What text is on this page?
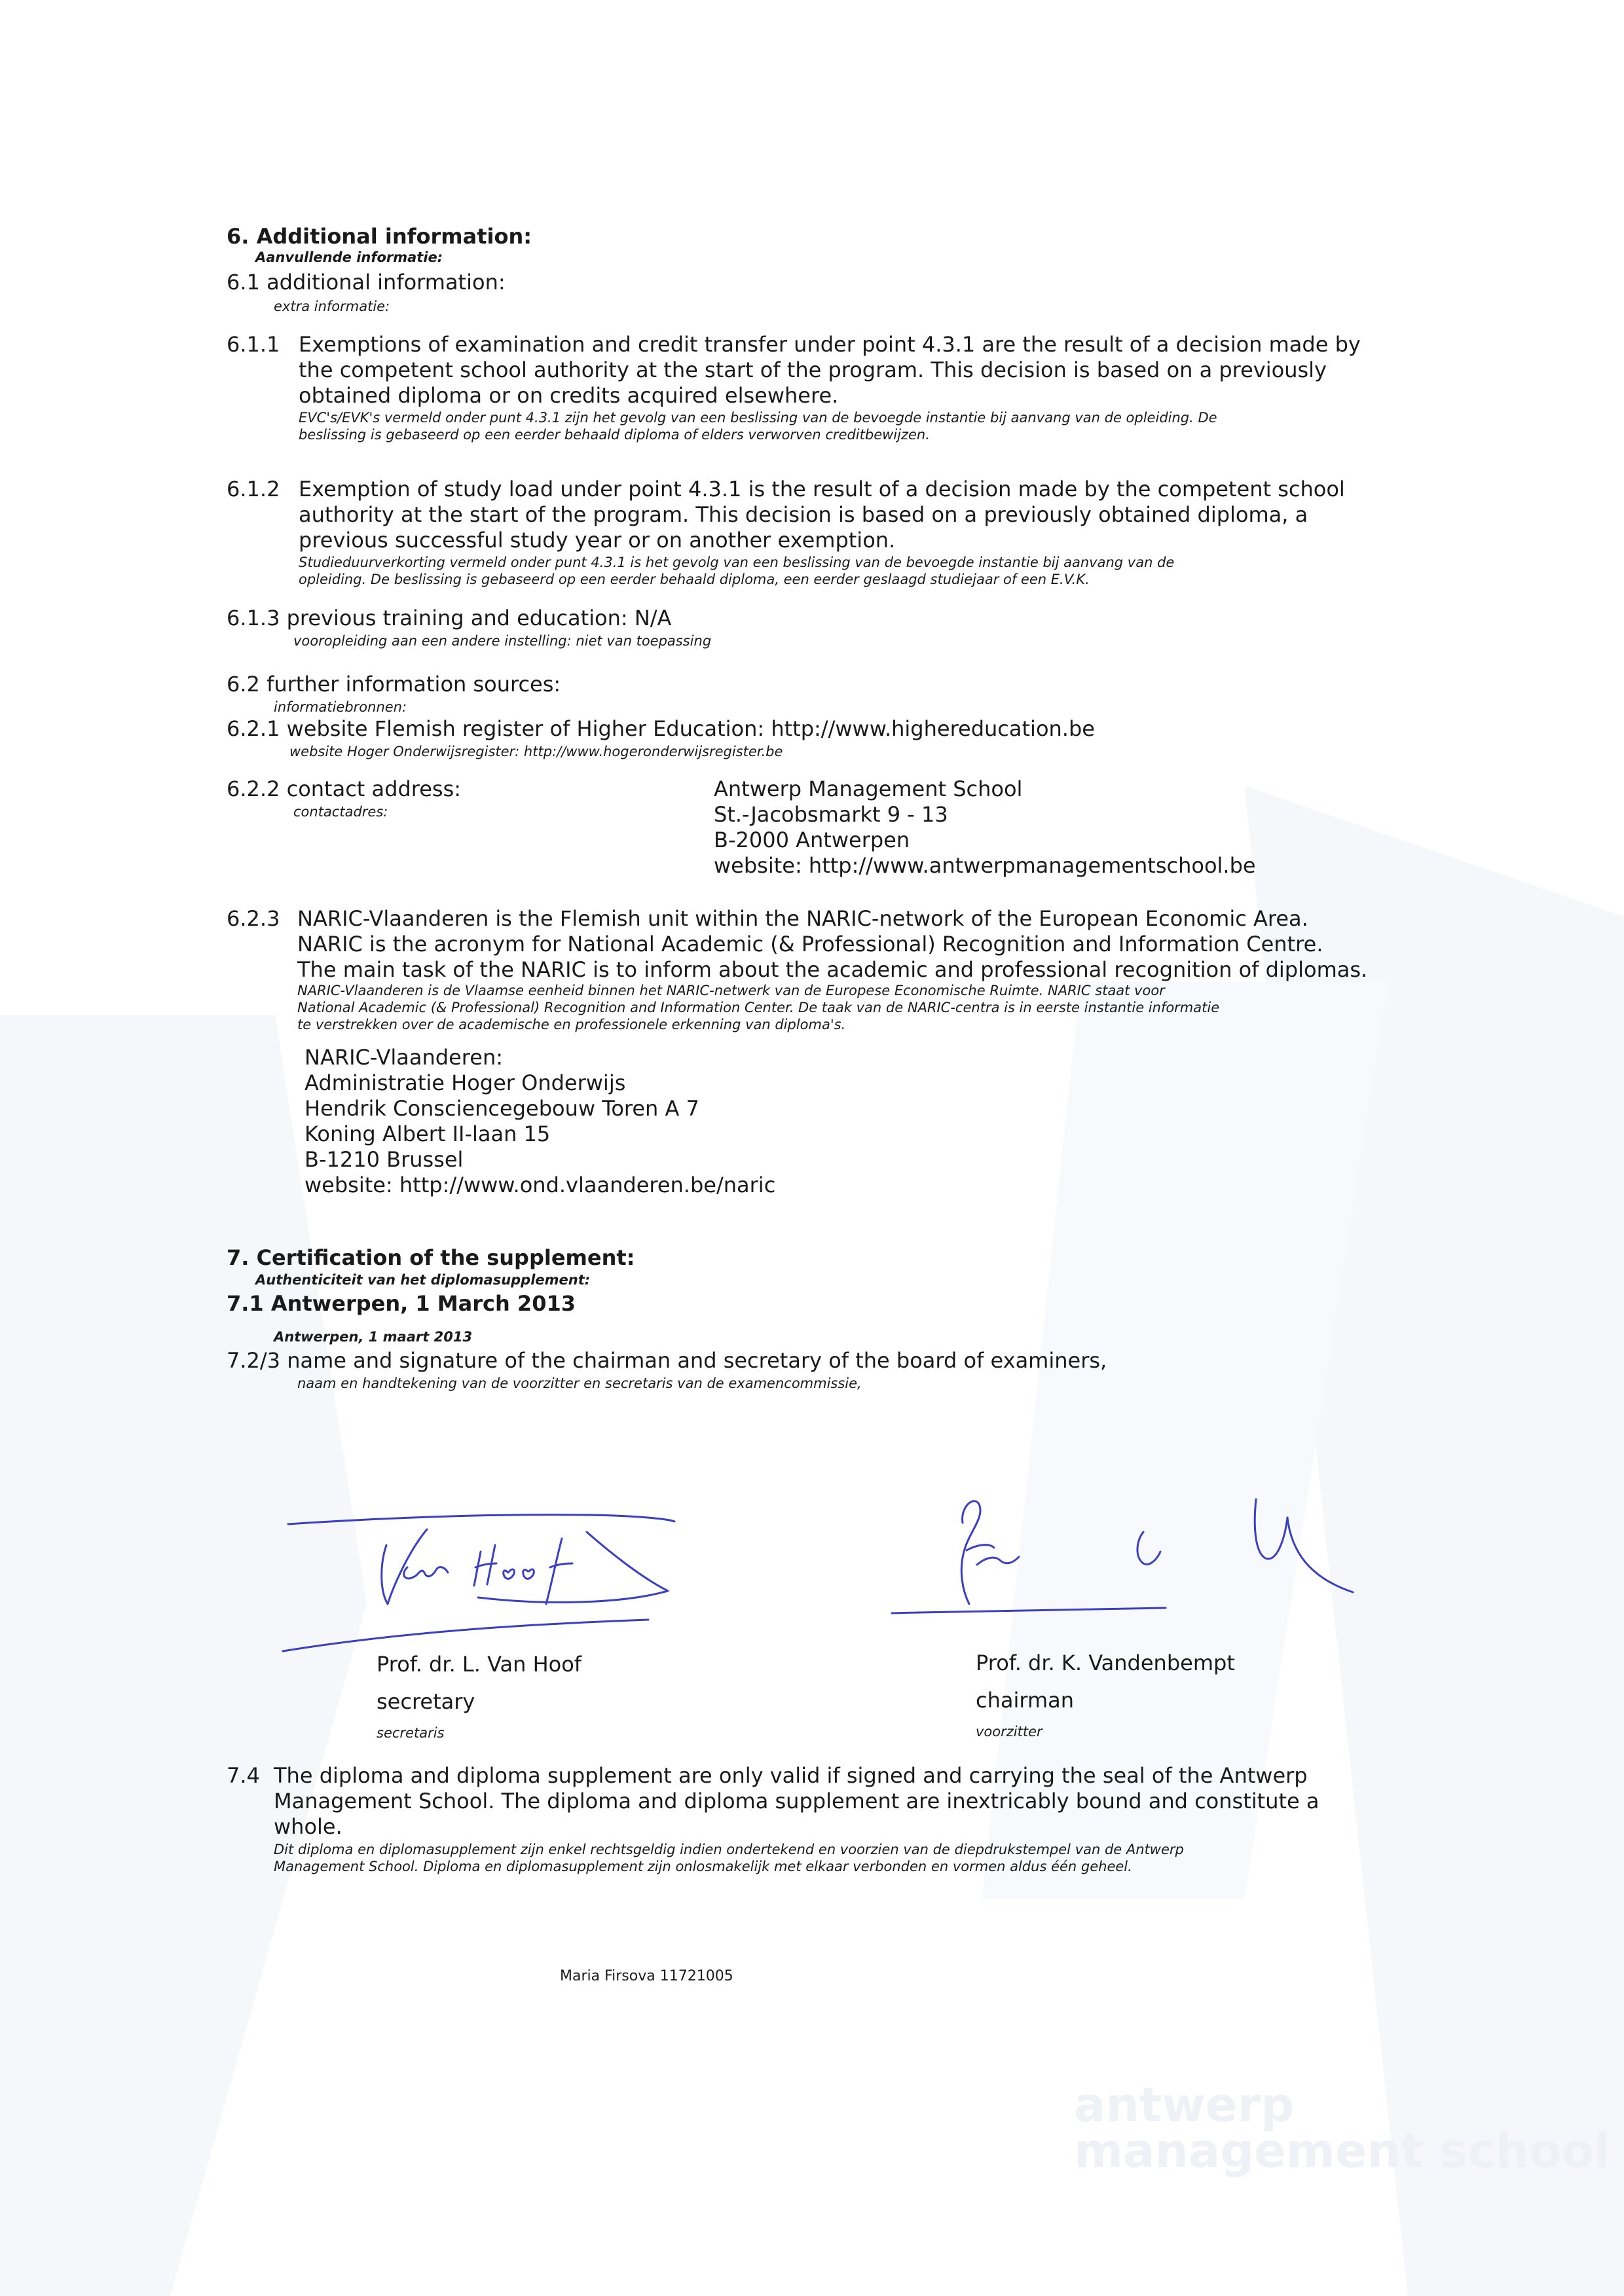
antwerp
management school
6. Additional information:
Aanvullende informatie:
6.1 additional information:
extra informatie:
6.1.1 Exemptions of examination and credit transfer under point 4.3.1 are the result of a decision made by

the competent school authority at the start of the program. This decision is based on a previously

obtained diploma or on credits acquired elsewhere.

EVC's/EVK's vermeld onder punt 4.3.1 zijn het gevolg van een beslissing van de bevoegde instantie bij aanvang van de opleiding. De

beslissing is gebaseerd op een eerder behaald diploma of elders verworven creditbewijzen.

6.1.2 Exemption of study load under point 4.3.1 is the result of a decision made by the competent school

authority at the start of the program. This decision is based on a previously obtained diploma, a

previous successful study year or on another exemption.

Studieduurverkorting vermeld onder punt 4.3.1 is het gevolg van een beslissing van de bevoegde instantie bij aanvang van de

opleiding. De beslissing is gebaseerd op een eerder behaald diploma, een eerder geslaagd studiejaar of een E.V.K.

6.1.3 previous training and education: N/A
vooropleiding aan een andere instelling: niet van toepassing
6.2 further information sources:
informatiebronnen:
6.2.1 website Flemish register of Higher Education: http://www.highereducation.be
website Hoger Onderwijsregister: http://www.hogeronderwijsregister.be
6.2.2 contact address:
contactadres:

Antwerp Management School

St.-Jacobsmarkt 9 - 13

B-2000 Antwerpen

website: http://www.antwerpmanagementschool.be

6.2.3 NARIC-Vlaanderen is the Flemish unit within the NARIC-network of the European Economic Area.

NARIC is the acronym for National Academic (& Professional) Recognition and Information Centre.

The main task of the NARIC is to inform about the academic and professional recognition of diplomas.

NARIC-Vlaanderen is de Vlaamse eenheid binnen het NARIC-netwerk van de Europese Economische Ruimte. NARIC staat voor

National Academic (& Professional) Recognition and Information Center. De taak van de NARIC-centra is in eerste instantie informatie

te verstrekken over de academische en professionele erkenning van diploma's.

NARIC-Vlaanderen:

Administratie Hoger Onderwijs

Hendrik Consciencegebouw Toren A 7

Koning Albert II-laan 15

B-1210 Brussel

website: http://www.ond.vlaanderen.be/naric

7. Certification of the supplement:
Authenticiteit van het diplomasupplement:
7.1 Antwerpen, 1 March 2013
Antwerpen, 1 maart 2013
7.2/3 name and signature of the chairman and secretary of the board of examiners,
naam en handtekening van de voorzitter en secretaris van de examencommissie,
Prof. dr. L. Van Hoof
secretary
secretaris
Prof. dr. K. Vandenbempt
chairman
voorzitter
7.4 The diploma and diploma supplement are only valid if signed and carrying the seal of the Antwerp

Management School. The diploma and diploma supplement are inextricably bound and constitute a

whole.

Dit diploma en diplomasupplement zijn enkel rechtsgeldig indien ondertekend en voorzien van de diepdrukstempel van de Antwerp

Management School. Diploma en diplomasupplement zijn onlosmakelijk met elkaar verbonden en vormen aldus één geheel.

Maria Firsova 11721005
